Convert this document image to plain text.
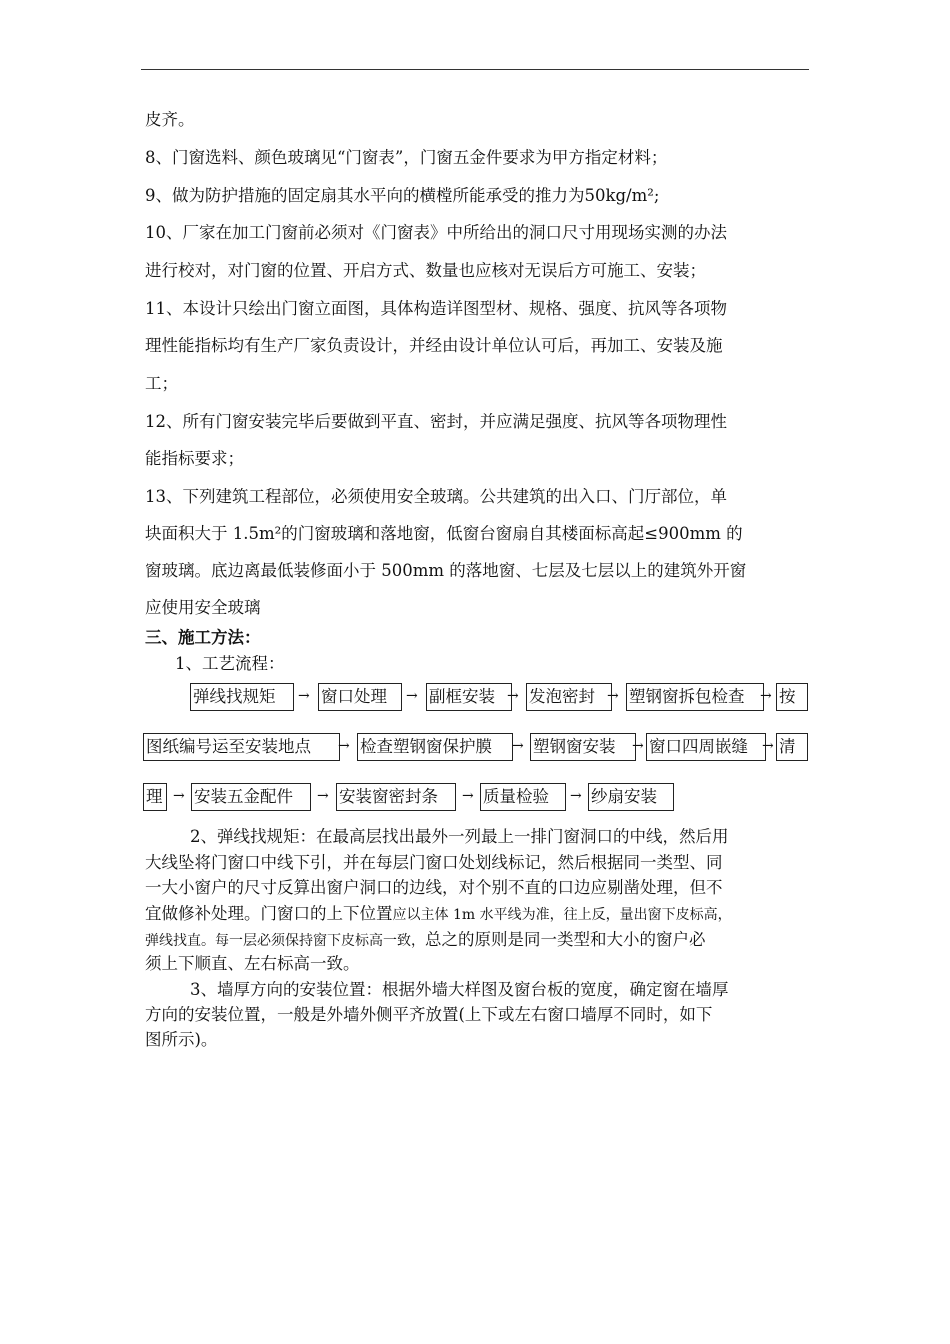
皮齐。
8、门窗选料、颜色玻璃见“门窗表”，门窗五金件要求为甲方指定材料；
9、做为防护措施的固定扇其水平向的横樘所能承受的推力为50kg/m²;
10、厂家在加工门窗前必须对《门窗表》中所给出的洞口尺寸用现场实测的办法
进行校对，对门窗的位置、开启方式、数量也应核对无误后方可施工、安装；
11、本设计只绘出门窗立面图，具体构造详图型材、规格、强度、抗风等各项物
理性能指标均有生产厂家负责设计，并经由设计单位认可后，再加工、安装及施
工；
12、所有门窗安装完毕后要做到平直、密封，并应满足强度、抗风等各项物理性
能指标要求；
13、下列建筑工程部位，必须使用安全玻璃。公共建筑的出入口、门厅部位，单
块面积大于 1.5m²的门窗玻璃和落地窗，低窗台窗扇自其楼面标高起≤900mm 的
窗玻璃。底边离最低装修面小于 500mm 的落地窗、七层及七层以上的建筑外开窗
应使用安全玻璃
三、施工方法：
1、工艺流程：
弹线找规矩	→ 窗口处理	→ 副框安装 → 发泡密封 → 塑钢窗拆包检查	→ 按
图纸编号运至安装地点	→ 检查塑钢窗保护膜	→ 塑钢窗安装	→ 窗口四周嵌缝	→ 清
理 → 安装五金配件	→ 安装窗密封条	→ 质量检验	→ 纱扇安装
2、弹线找规矩：在最高层找出最外一列最上一排门窗洞口的中线，然后用
大线坠将门窗口中线下引，并在每层门窗口处划线标记，然后根据同一类型、同
一大小窗户的尺寸反算出窗户洞口的边线，对个别不直的口边应剔凿处理，但不
宜做修补处理。门窗口的上下位置应以主体 1m 水平线为准，往上反，量出窗下皮标高，
弹线找直。每一层必须保持窗下皮标高一致，总之的原则是同一类型和大小的窗户必
须上下顺直、左右标高一致。
3、墙厚方向的安装位置：根据外墙大样图及窗台板的宽度，确定窗在墙厚
方向的安装位置，一般是外墙外侧平齐放置(上下或左右窗口墙厚不同时，如下
图所示)。
